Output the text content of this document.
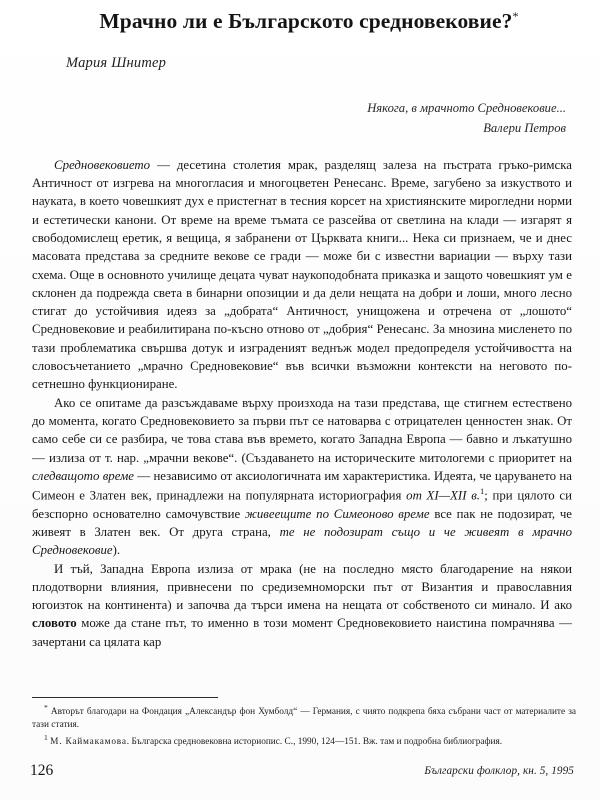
Мрачно ли е Българското средновековие?*
Мария Шнитер
Някога, в мрачното Средновековие...
Валери Петров

Средновековието — десетина столетия мрак, разделящ залеза на пъстрата гръко-римска Античност от изгрева на многогласия и многоцветен Ренесанс. Време, загубено за изкуството и науката, в което човешкият дух е пристегнат в тесния корсет на християнските мирогледни норми и естетически канони. От време на време тъмата се разсейва от светлина на клади — изгарят я свободомислещ еретик, я вещица, я забранени от Църквата книги... Нека си признаем, че и днес масовата представа за средните векове се гради — може би с известни вариации — върху тази схема. Още в основното училище децата чуват наукоподобната приказка и защото човешкият ум е склонен да подрежда света в бинарни опозиции и да дели нещата на добри и лоши, много лесно стигат до устойчивия идеяз за „добрата“ Античност, унищожена и отречена от „лошото“ Средновековие и реабилитирана по-късно отново от „добрия“ Ренесанс. За мнозина мисленето по тази проблематика свършва дотук и изграденият веднъж модел предопределя устойчивостта на словосъчетанието „мрачно Средновековие“ във всички възможни контексти на неговото по-сетнешно функциониране.

Ако се опитаме да разсъждаваме върху произхода на тази представа, ще стигнем естествено до момента, когато Средновековието за първи път се натоварва с отрицателен ценностен знак. От само себе си се разбира, че това става във времето, когато Западна Европа — бавно и лъкатушно — излиза от т. нар. „мрачни векове“. (Създаването на историческите митологеми с приоритет на следващото време — независимо от аксиологичната им характеристика. Идеята, че царуването на Симеон е Златен век, принадлежи на популярната историография от XI—XII в.$^1$; при цялото си безспорно основателно самочувствие живеещите по Симеоново време все пак не подозират, че живеят в Златен век. От друга страна, те не подозират също и че живеят в мрачно Средновековие).

И тъй, Западна Европа излиза от мрака (не на последно място благодарение на някои плодотворни влияния, привнесени по средиземноморски път от Византия и православния югоизток на континента) и започва да търси имена на нещата от собственото си минало. И ако словото може да стане път, то именно в този момент Средновековието наистина помрачнява — зачертани са цялата кар

* Авторът благодари на Фондация „Александър фон Хумболд“ — Германия, с чиято подкрепа бяха събрани част от материалите за тази статия.

$^1$ М. Каймакамова. Българска средновековна историопис. С., 1990, 124—151. Вж. там и подробна библиография.

126	Български фолклор, кн. 5, 1995
